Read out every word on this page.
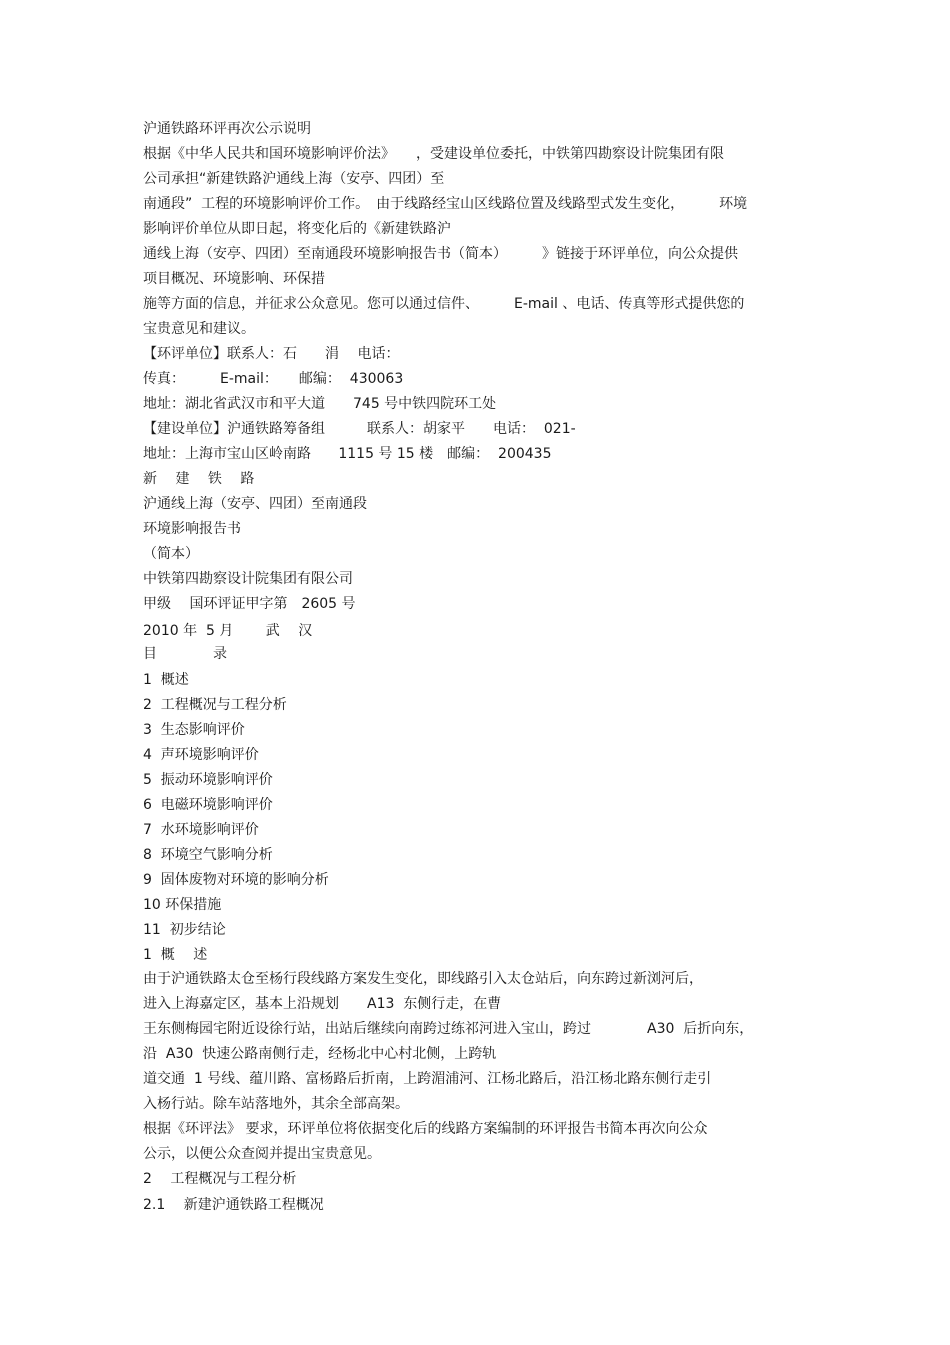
沪通铁路环评再次公示说明

根据《中华人民共和国环境影响评价法》　　，受建设单位委托，中铁第四勘察设计院集团有限

公司承担“新建铁路沪通线上海（安亭、四团）至

南通段”  工程的环境影响评价工作。　由于线路经宝山区线路位置及线路型式发生变化，　　　环境

影响评价单位从即日起，将变化后的《新建铁路沪

通线上海（安亭、四团）至南通段环境影响报告书（简本）　　　》链接于环评单位，向公众提供

项目概况、环境影响、环保措

施等方面的信息，并征求公众意见。您可以通过信件、　　　E-mail 、电话、传真等形式提供您的

宝贵意见和建议。

【环评单位】联系人：石　　涓　 电话：

传真：　　　E-mail：　　邮编：  430063

地址：湖北省武汉市和平大道　　745 号中铁四院环工处

【建设单位】沪通铁路筹备组　　　联系人：胡家平　　电话：  021-

地址：上海市宝山区岭南路　   1115 号 15 楼　邮编：  200435

新　 建　 铁　 路

沪通线上海（安亭、四团）至南通段

环境影响报告书

（简本）

中铁第四勘察设计院集团有限公司

甲级　 国环评证甲字第　2605 号

2010 年  5 月　　 武　 汉

目　　　　录

1  概述

2  工程概况与工程分析

3  生态影响评价

4  声环境影响评价

5  振动环境影响评价

6  电磁环境影响评价

7  水环境影响评价

8  环境空气影响分析

9  固体废物对环境的影响分析

10 环保措施

11  初步结论

1  概　 述

由于沪通铁路太仓至杨行段线路方案发生变化，即线路引入太仓站后，向东跨过新浏河后，

进入上海嘉定区，基本上沿规划　　A13  东侧行走，在曹

王东侧梅园宅附近设徐行站，出站后继续向南跨过练祁河进入宝山，跨过　　　　A30  后折向东，

沿  A30  快速公路南侧行走，经杨北中心村北侧，上跨轨

道交通  1 号线、蕴川路、富杨路后折南，上跨湄浦河、江杨北路后，沿江杨北路东侧行走引

入杨行站。除车站落地外，其余全部高架。

根据《环评法》 要求，环评单位将依据变化后的线路方案编制的环评报告书简本再次向公众

公示，以便公众查阅并提出宝贵意见。

2　 工程概况与工程分析

2.1　 新建沪通铁路工程概况
